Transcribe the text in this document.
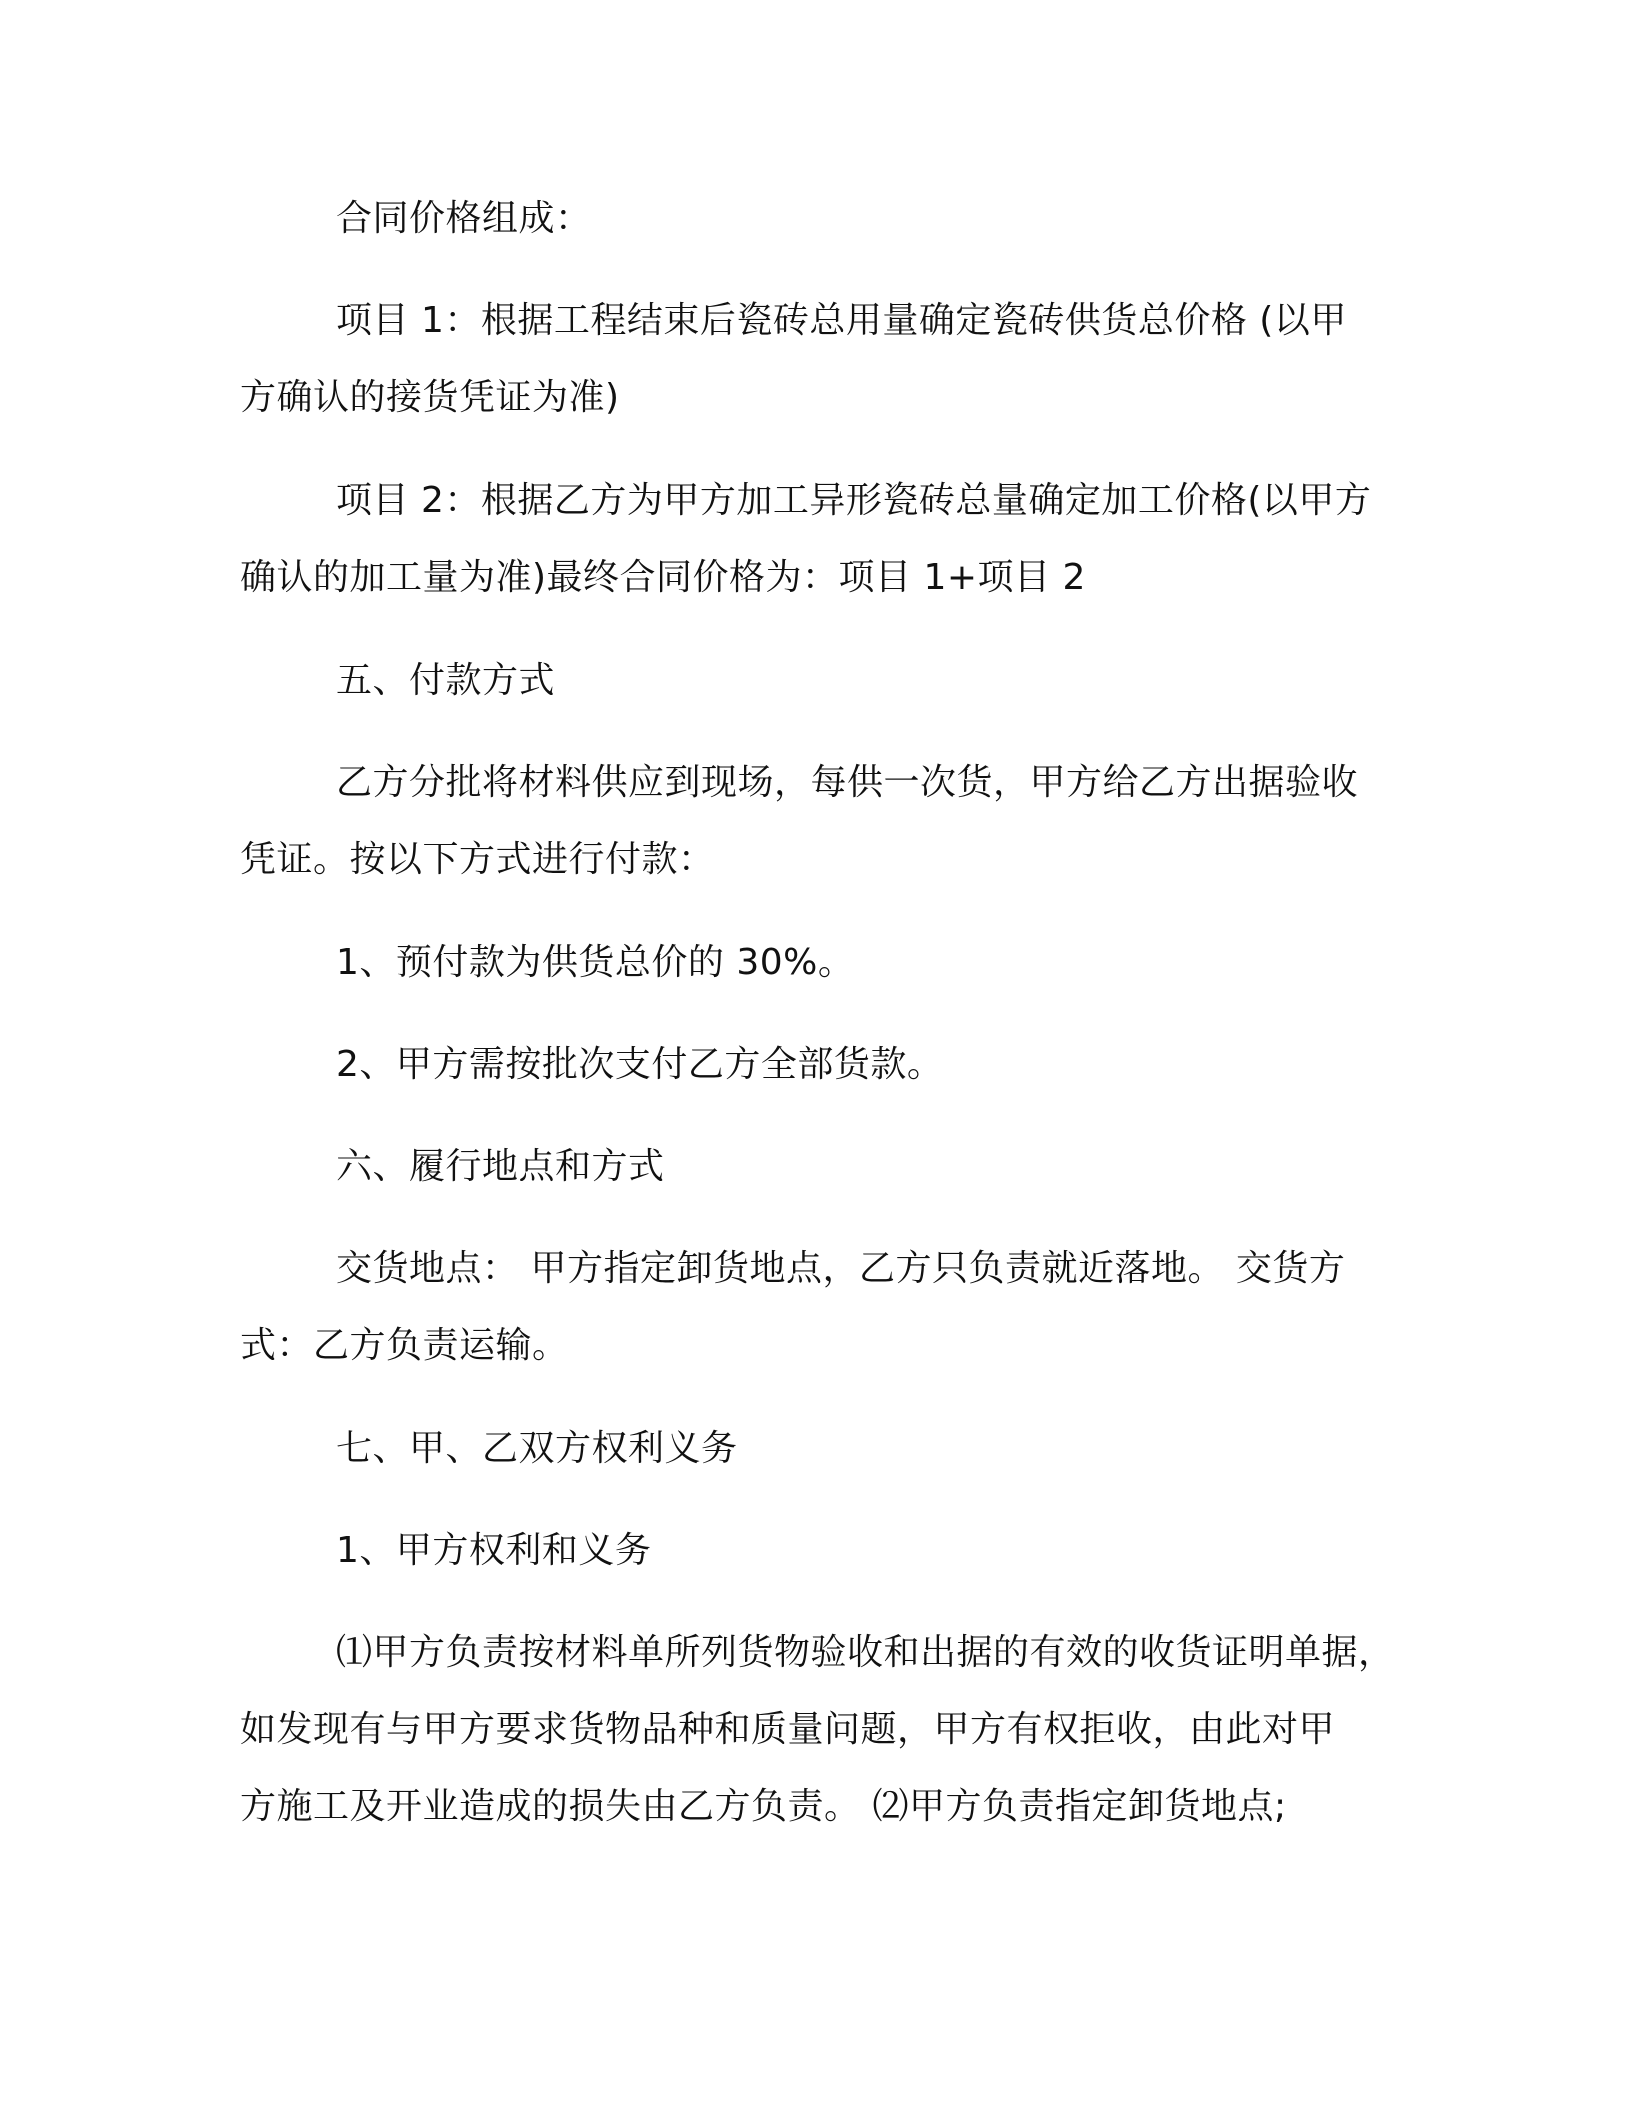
合同价格组成：
项目 1：根据工程结束后瓷砖总用量确定瓷砖供货总价格 (以甲
方确认的接货凭证为准)
项目 2：根据乙方为甲方加工异形瓷砖总量确定加工价格(以甲方
确认的加工量为准)最终合同价格为：项目 1+项目 2
五、付款方式
乙方分批将材料供应到现场，每供一次货，甲方给乙方出据验收
凭证。按以下方式进行付款：
1、预付款为供货总价的 30%。
2、甲方需按批次支付乙方全部货款。
六、履行地点和方式
交货地点： 甲方指定卸货地点，乙方只负责就近落地。 交货方
式：乙方负责运输。
七、甲、乙双方权利义务
1、甲方权利和义务
⑴甲方负责按材料单所列货物验收和出据的有效的收货证明单据，
如发现有与甲方要求货物品种和质量问题，甲方有权拒收，由此对甲
方施工及开业造成的损失由乙方负责。 ⑵甲方负责指定卸货地点;
